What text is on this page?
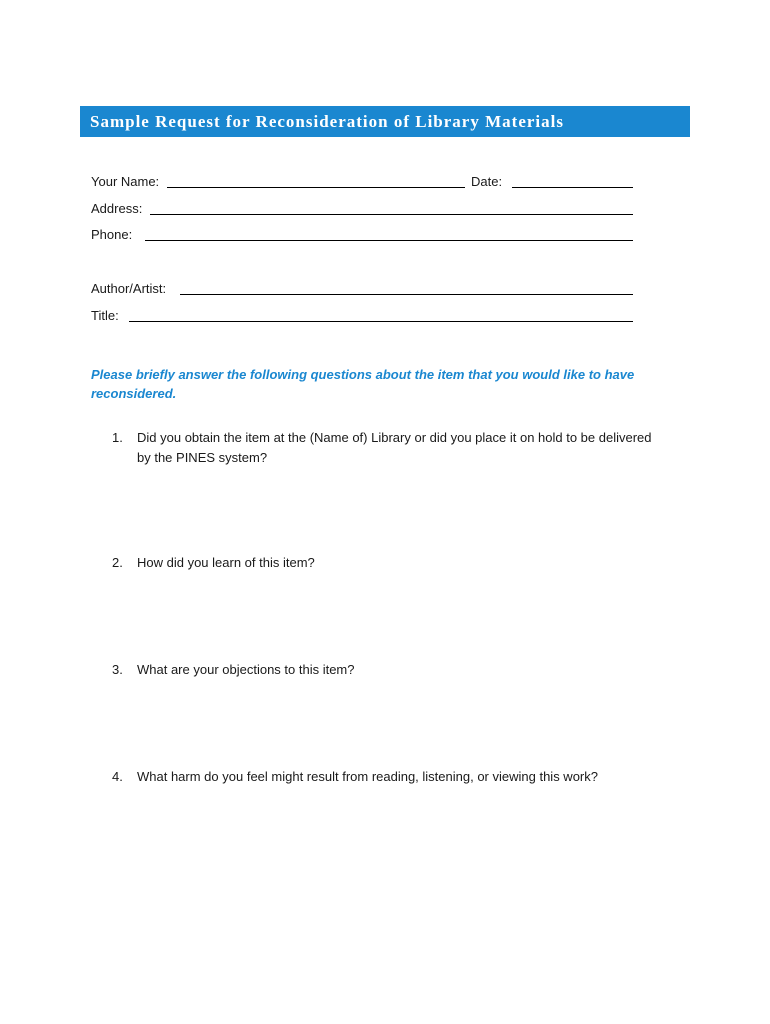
Sample Request for Reconsideration of Library Materials
Your Name:	Date:
Address:
Phone:
Author/Artist:
Title:

Please briefly answer the following questions about the item that you would like to have reconsidered.

1. Did you obtain the item at the (Name of) Library or did you place it on hold to be delivered by the PINES system?
2. How did you learn of this item?
3. What are your objections to this item?
4. What harm do you feel might result from reading, listening, or viewing this work?
